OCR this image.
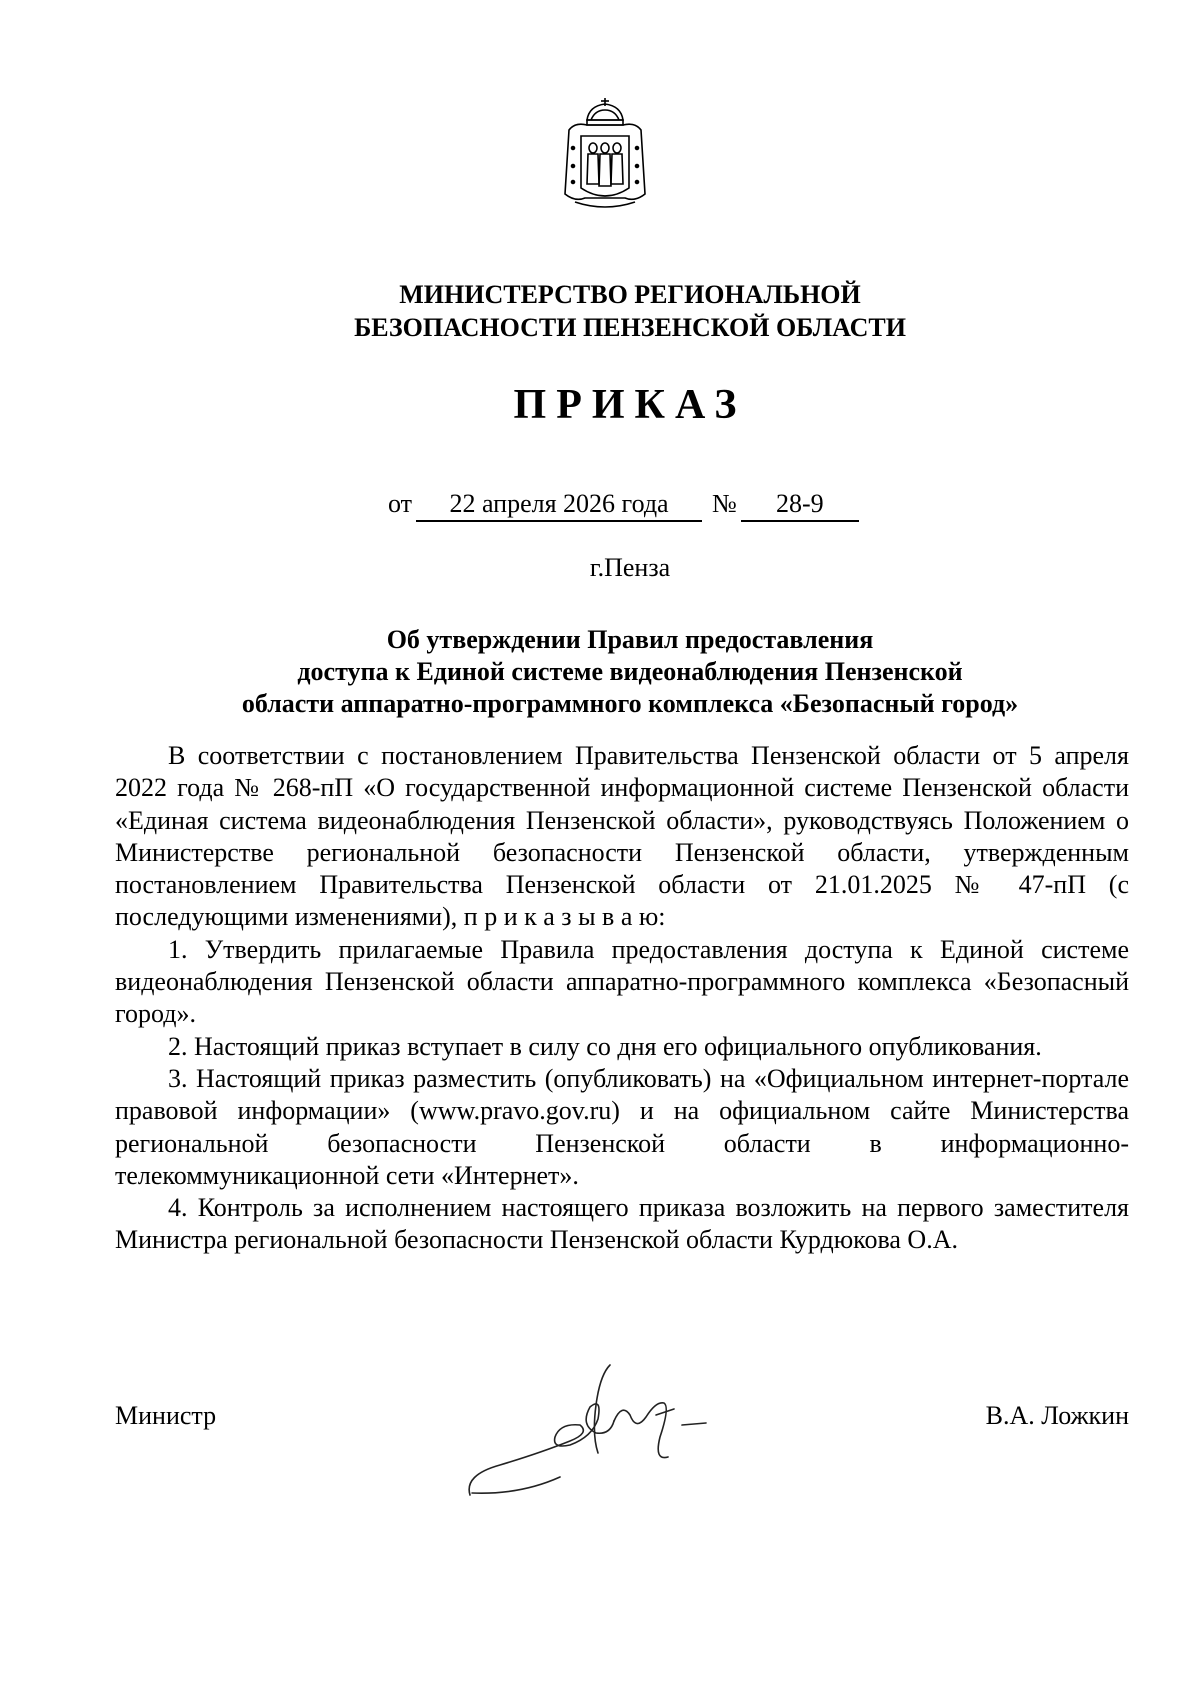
МИНИСТЕРСТВО РЕГИОНАЛЬНОЙ
БЕЗОПАСНОСТИ ПЕНЗЕНСКОЙ ОБЛАСТИ
ПРИКАЗ
от 22 апреля 2026 года № 28-9
г.Пенза
Об утверждении Правил предоставления
доступа к Единой системе видеонаблюдения Пензенской
области аппаратно-программного комплекса «Безопасный город»

В соответствии с постановлением Правительства Пензенской области от 5 апреля 2022 года № 268-пП «О государственной информационной системе Пензенской области «Единая система видеонаблюдения Пензенской области», руководствуясь Положением о Министерстве региональной безопасности Пензенской области, утвержденным постановлением Правительства Пензенской области от 21.01.2025 № 47-пП (с последующими изменениями), п р и к а з ы в а ю:

1. Утвердить прилагаемые Правила предоставления доступа к Единой системе видеонаблюдения Пензенской области аппаратно-программного комплекса «Безопасный город».

2. Настоящий приказ вступает в силу со дня его официального опубликования.

3. Настоящий приказ разместить (опубликовать) на «Официальном интернет-портале правовой информации» (www.pravo.gov.ru) и на официальном сайте Министерства региональной безопасности Пензенской области в информационно-телекоммуникационной сети «Интернет».

4. Контроль за исполнением настоящего приказа возложить на первого заместителя Министра региональной безопасности Пензенской области Курдюкова О.А.

Министр	В.А. Ложкин
